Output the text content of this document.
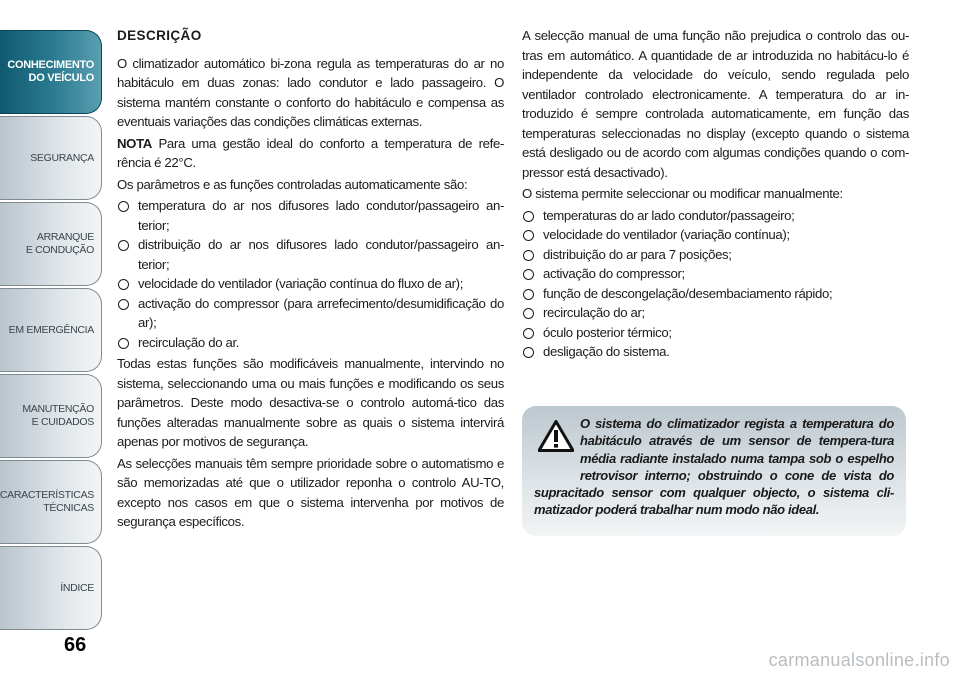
CONHECIMENTO
DO VEÍCULO
SEGURANÇA
ARRANQUE
E CONDUÇÃO
EM EMERGÊNCIA
MANUTENÇÃO
E CUIDADOS
CARACTERÍSTICAS
TÉCNICAS
ÍNDICE
66

DESCRIÇÃO

O climatizador automático bi-zona regula as temperaturas do ar no habitáculo em duas zonas: lado condutor e lado passageiro. O sistema mantém constante o conforto do habitáculo e compensa as eventuais variações das condições climáticas externas.

NOTA Para uma gestão ideal do conforto a temperatura de refe-rência é 22°C.

Os parâmetros e as funções controladas automaticamente são:

temperatura do ar nos difusores lado condutor/passageiro an-terior;
distribuição do ar nos difusores lado condutor/passageiro an-terior;
velocidade do ventilador (variação contínua do fluxo de ar);
activação do compressor (para arrefecimento/desumidificação do ar);
recirculação do ar.

Todas estas funções são modificáveis manualmente, intervindo no sistema, seleccionando uma ou mais funções e modificando os seus parâmetros. Deste modo desactiva-se o controlo automá-tico das funções alteradas manualmente sobre as quais o sistema intervirá apenas por motivos de segurança.

As selecções manuais têm sempre prioridade sobre o automatismo e são memorizadas até que o utilizador reponha o controlo AU-TO, excepto nos casos em que o sistema intervenha por motivos de segurança específicos.

A selecção manual de uma função não prejudica o controlo das ou-tras em automático. A quantidade de ar introduzida no habitácu-lo é independente da velocidade do veículo, sendo regulada pelo ventilador controlado electronicamente. A temperatura do ar in-troduzido é sempre controlada automaticamente, em função das temperaturas seleccionadas no display (excepto quando o sistema está desligado ou de acordo com algumas condições quando o com-pressor está desactivado).

O sistema permite seleccionar ou modificar manualmente:

temperaturas do ar lado condutor/passageiro;
velocidade do ventilador (variação contínua);
distribuição do ar para 7 posições;
activação do compressor;
função de descongelação/desembaciamento rápido;
recirculação do ar;
óculo posterior térmico;
desligação do sistema.
O sistema do climatizador regista a temperatura do habitáculo através de um sensor de tempera-tura média radiante instalado numa tampa sob o espelho retrovisor interno; obstruindo o cone de vista do supracitado sensor com qualquer objecto, o sistema cli-matizador poderá trabalhar num modo não ideal.
carmanualsonline.info
